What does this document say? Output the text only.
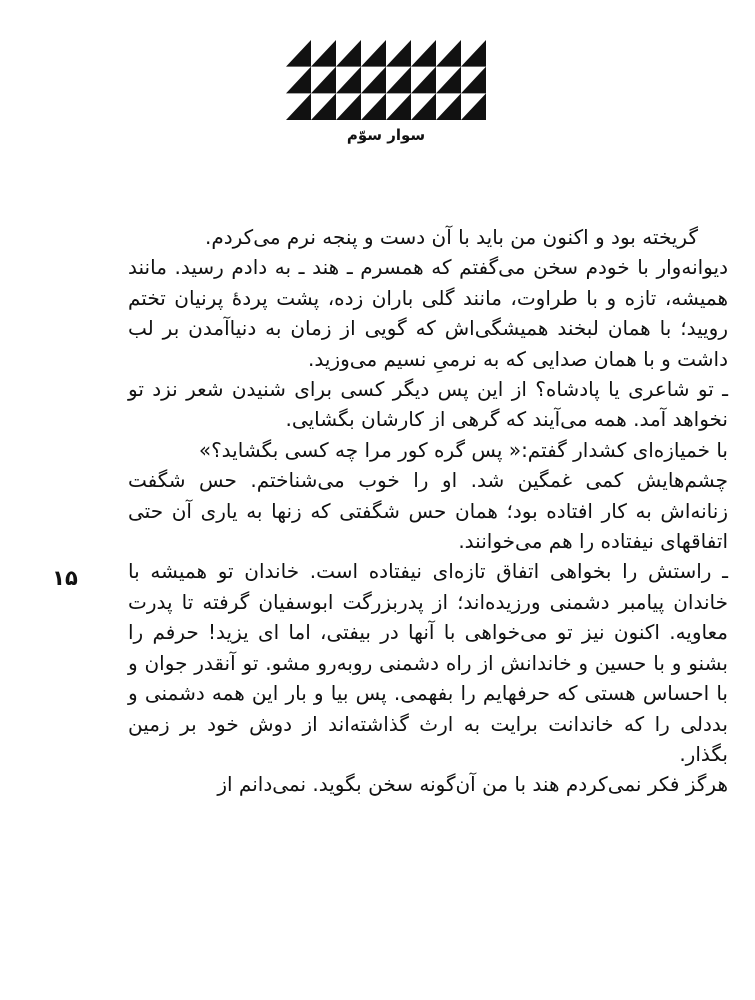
سوار سوّم
۱۵

گریخته بود و اکنون من باید با آن دست و پنجه نرم می‌کردم.

دیوانه‌وار با خودم سخن می‌گفتم که همسرم ـ هند ـ به دادم رسید. مانند همیشه، تازه و با طراوت، مانند گلی باران زده، پشت پردهٔ پرنیان تختم رویید؛ با همان لبخند همیشگی‌اش که گویی از زمان به دنیاآمدن بر لب داشت و با همان صدایی که به نرمیِ نسیم می‌وزید.

ـ تو شاعری یا پادشاه؟ از این پس دیگر کسی برای شنیدن شعر نزد تو نخواهد آمد. همه می‌آیند که گرهی از کارشان بگشایی.

با خمیازه‌ای کشدار گفتم:« پس گره کور مرا چه کسی بگشاید؟»

چشم‌هایش کمی غمگین شد. او را خوب می‌شناختم. حس شگفت زنانه‌اش به کار افتاده بود؛ همان حس شگفتی که زنها به یاری آن حتی اتفاقهای نیفتاده را هم می‌خوانند.

ـ راستش را بخواهی اتفاق تازه‌ای نیفتاده است. خاندان تو همیشه با خاندان پیامبر دشمنی ورزیده‌اند؛ از پدربزرگت ابوسفیان گرفته تا پدرت معاویه. اکنون نیز تو می‌خواهی با آنها در بیفتی، اما ای یزید! حرفم را بشنو و با حسین و خاندانش از راه دشمنی روبه‌رو مشو. تو آنقدر جوان و با احساس هستی که حرفهایم را بفهمی. پس بیا و بار این همه دشمنی و بددلی را که خاندانت برایت به ارث گذاشته‌اند از دوش خود بر زمین بگذار.

هرگز فکر نمی‌کردم هند با من آن‌گونه سخن بگوید. نمی‌دانم از
